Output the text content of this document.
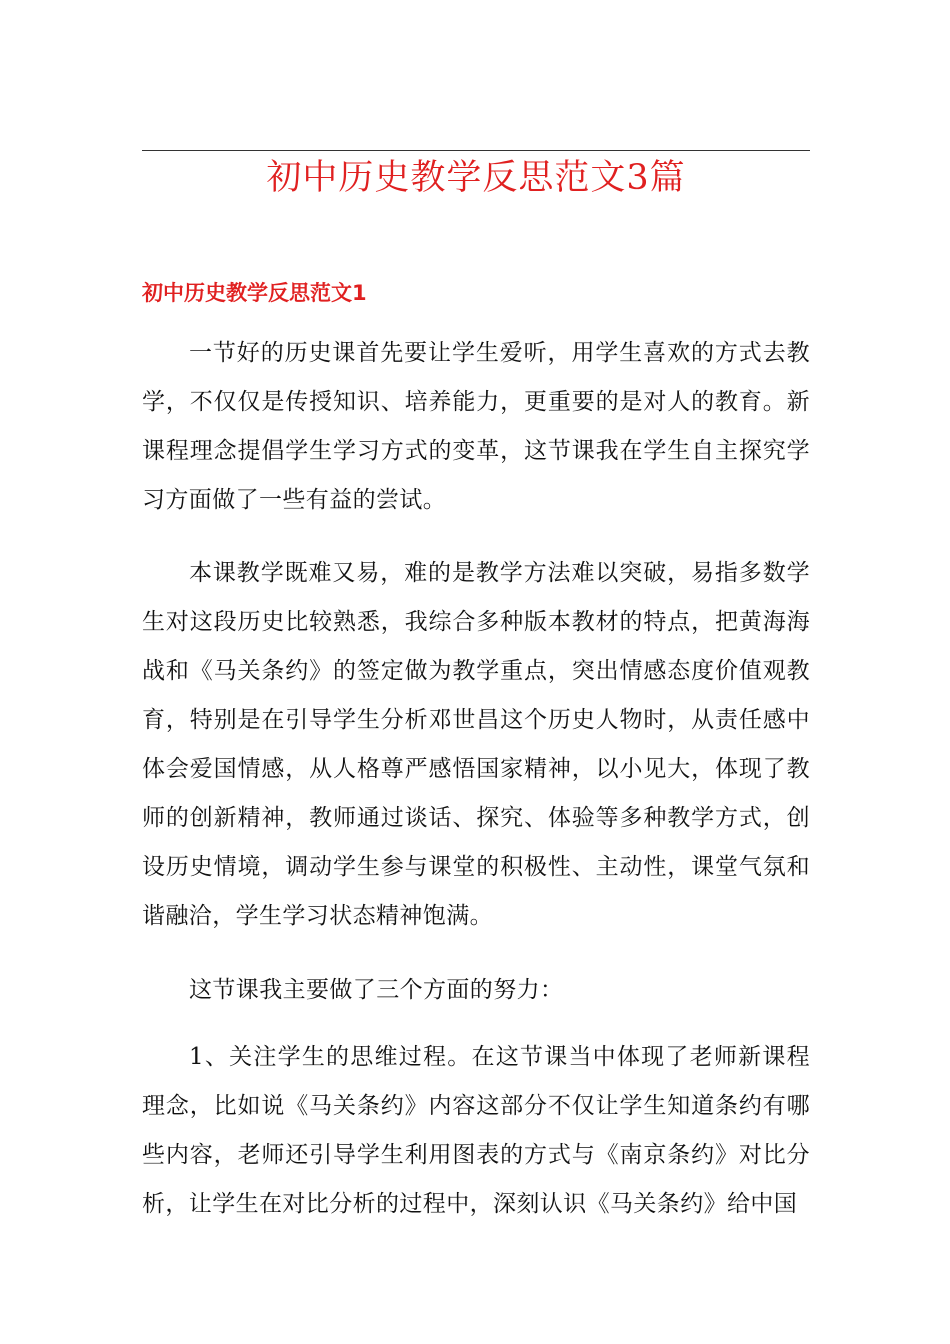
初中历史教学反思范文3篇
初中历史教学反思范文1

一节好的历史课首先要让学生爱听，用学生喜欢的方式去教学，不仅仅是传授知识、培养能力，更重要的是对人的教育。新课程理念提倡学生学习方式的变革，这节课我在学生自主探究学习方面做了一些有益的尝试。

本课教学既难又易，难的是教学方法难以突破，易指多数学生对这段历史比较熟悉，我综合多种版本教材的特点，把黄海海战和《马关条约》的签定做为教学重点，突出情感态度价值观教育，特别是在引导学生分析邓世昌这个历史人物时，从责任感中体会爱国情感，从人格尊严感悟国家精神，以小见大，体现了教师的创新精神，教师通过谈话、探究、体验等多种教学方式，创设历史情境，调动学生参与课堂的积极性、主动性，课堂气氛和谐融洽，学生学习状态精神饱满。

这节课我主要做了三个方面的努力：

1、关注学生的思维过程。在这节课当中体现了老师新课程理念，比如说《马关条约》内容这部分不仅让学生知道条约有哪些内容，老师还引导学生利用图表的方式与《南京条约》对比分析，让学生在对比分析的过程中，深刻认识《马关条约》给中国
